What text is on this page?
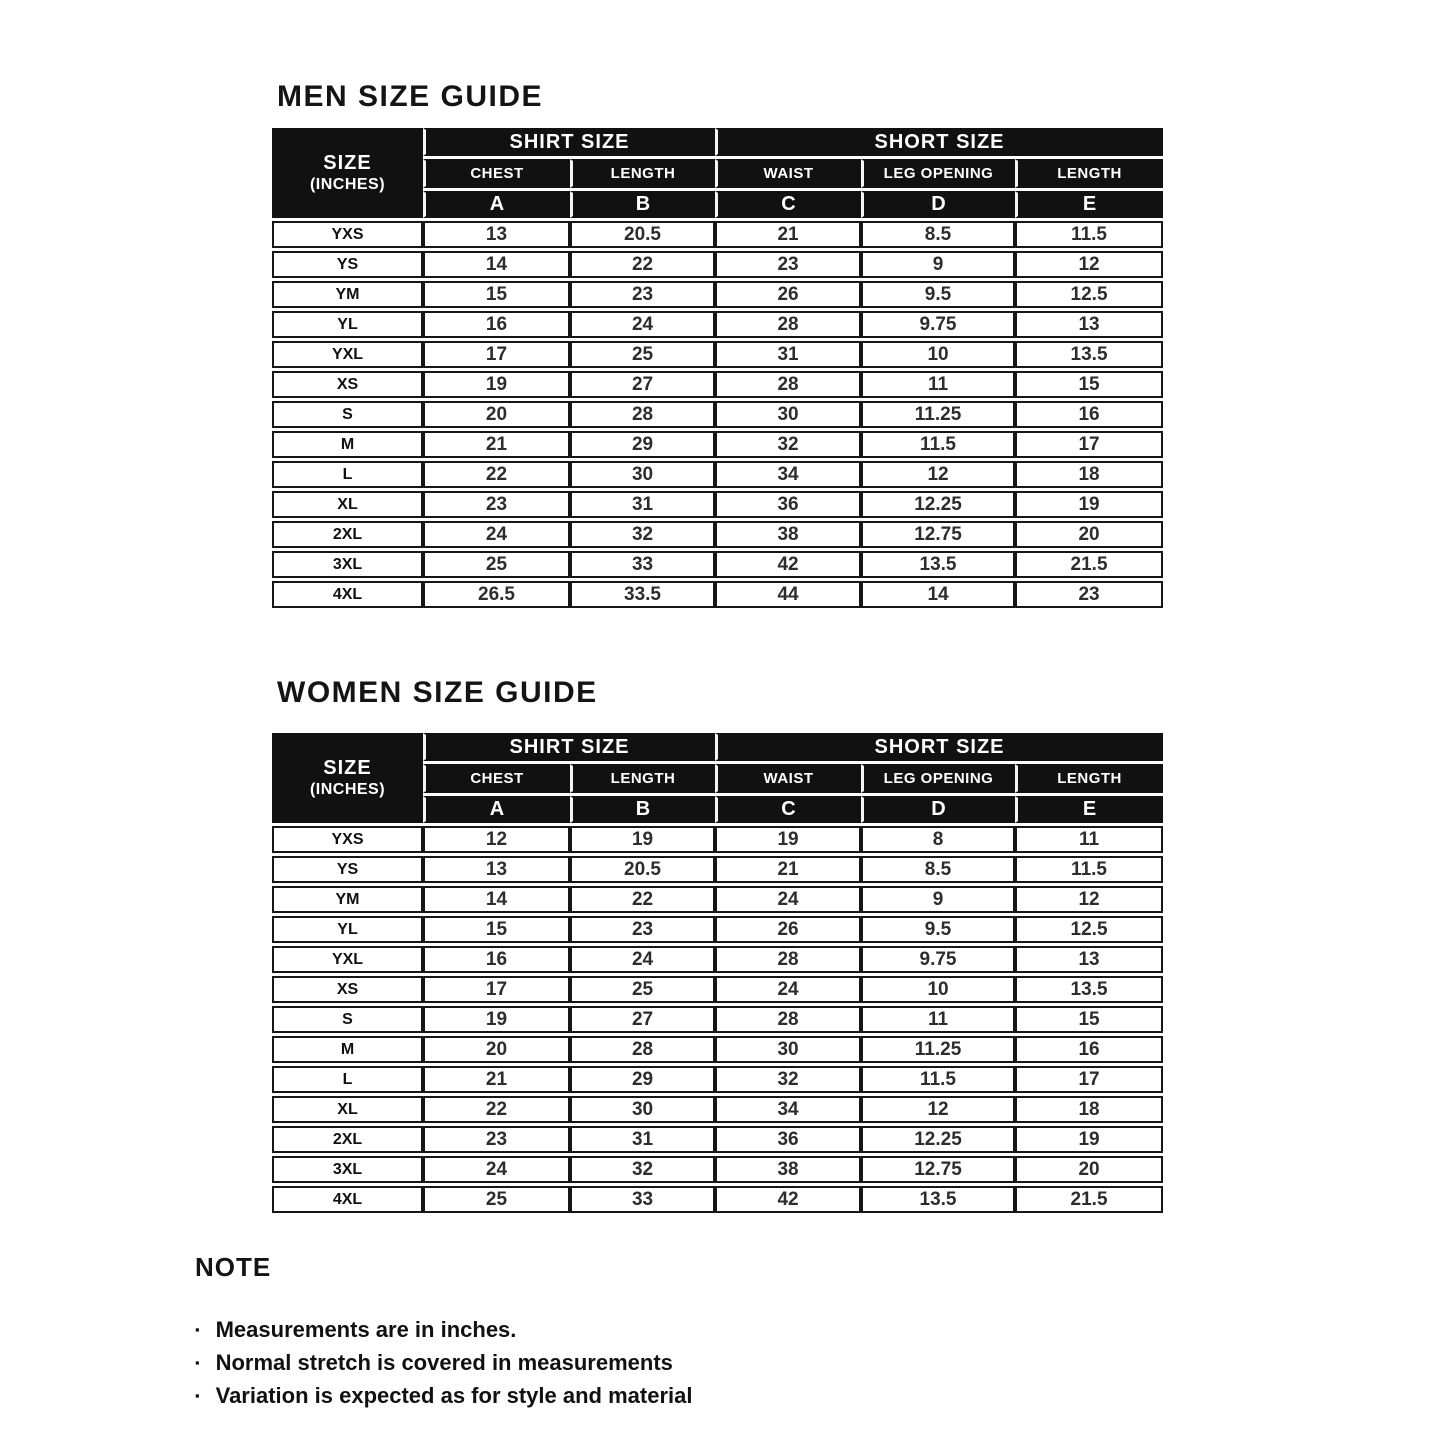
MEN SIZE GUIDE
SIZE
(INCHES)	SHIRT SIZE		SHORT SIZE		
	CHEST	LENGTH	WAIST	LEG OPENING	LENGTH
	A	B	C	D	E
YXS	13	20.5	21	8.5	11.5
YS	14	22	23	9	12
YM	15	23	26	9.5	12.5
YL	16	24	28	9.75	13
YXL	17	25	31	10	13.5
XS	19	27	28	11	15
S	20	28	30	11.25	16
M	21	29	32	11.5	17
L	22	30	34	12	18
XL	23	31	36	12.25	19
2XL	24	32	38	12.75	20
3XL	25	33	42	13.5	21.5
4XL	26.5	33.5	44	14	23
WOMEN SIZE GUIDE
SIZE
(INCHES)	SHIRT SIZE		SHORT SIZE		
	CHEST	LENGTH	WAIST	LEG OPENING	LENGTH
	A	B	C	D	E
YXS	12	19	19	8	11
YS	13	20.5	21	8.5	11.5
YM	14	22	24	9	12
YL	15	23	26	9.5	12.5
YXL	16	24	28	9.75	13
XS	17	25	24	10	13.5
S	19	27	28	11	15
M	20	28	30	11.25	16
L	21	29	32	11.5	17
XL	22	30	34	12	18
2XL	23	31	36	12.25	19
3XL	24	32	38	12.75	20
4XL	25	33	42	13.5	21.5
NOTE
▪ Measurements are in inches.
▪ Normal stretch is covered in measurements
▪ Variation is expected as for style and material
